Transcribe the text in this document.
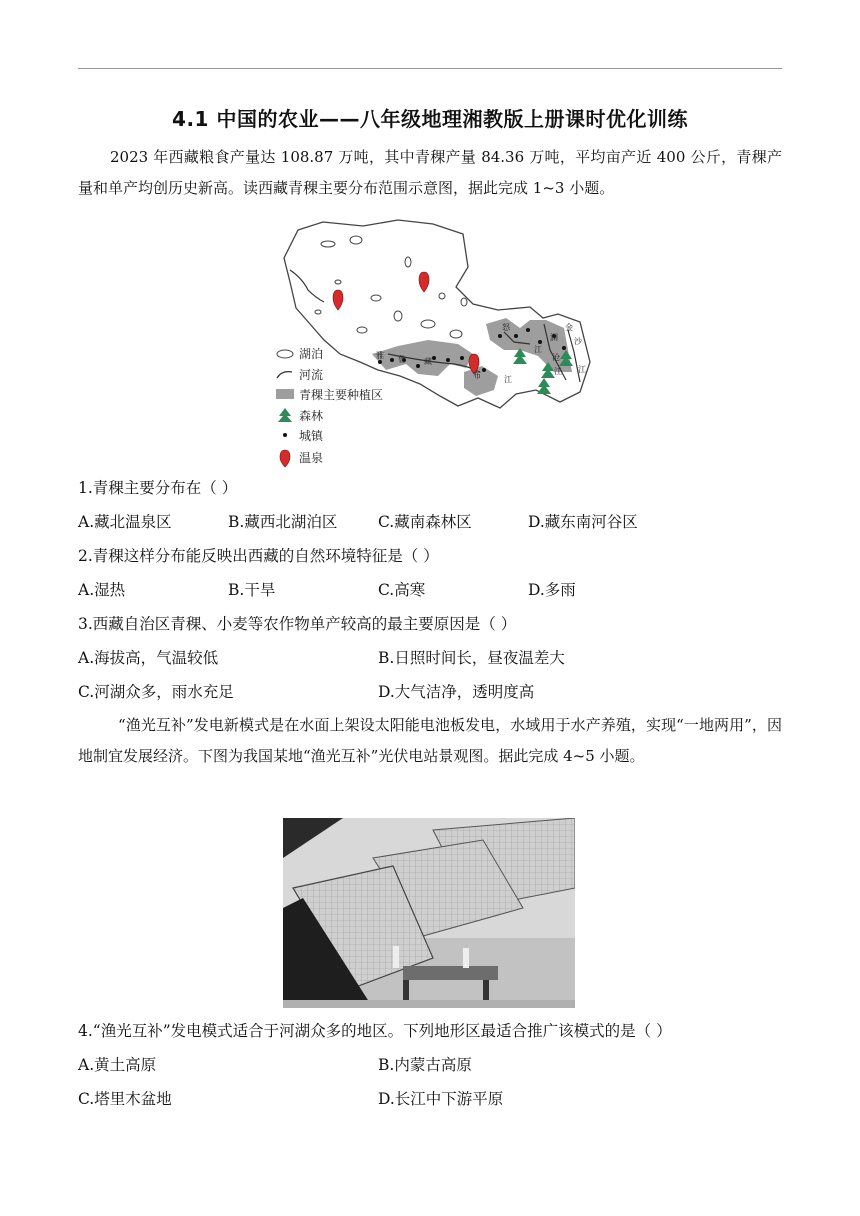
4.1 中国的农业——八年级地理湘教版上册课时优化训练
2023 年西藏粮食产量达 108.87 万吨，其中青稞产量 84.36 万吨，平均亩产近 400 公斤，青稞产量和单产均创历史新高。读西藏青稞主要分布范围示意图，据此完成 1~3 小题。
雅 鲁 藏
布	江
怒
江
澜
沧
江
金
沙
江
湖泊
河流
青稞主要种植区
森林
城镇
温泉
1.青稞主要分布在（ ）
A.藏北温泉区	B.藏西北湖泊区	C.藏南森林区	D.藏东南河谷区
2.青稞这样分布能反映出西藏的自然环境特征是（ ）
A.湿热	B.干旱	C.高寒	D.多雨
3.西藏自治区青稞、小麦等农作物单产较高的最主要原因是（ ）
A.海拔高，气温较低	B.日照时间长，昼夜温差大
C.河湖众多，雨水充足	D.大气洁净，透明度高
“渔光互补”发电新模式是在水面上架设太阳能电池板发电，水域用于水产养殖，实现“一地两用”，因地制宜发展经济。下图为我国某地“渔光互补”光伏电站景观图。据此完成 4~5 小题。
4.“渔光互补”发电模式适合于河湖众多的地区。下列地形区最适合推广该模式的是（ ）
A.黄土高原	B.内蒙古高原
C.塔里木盆地	D.长江中下游平原
